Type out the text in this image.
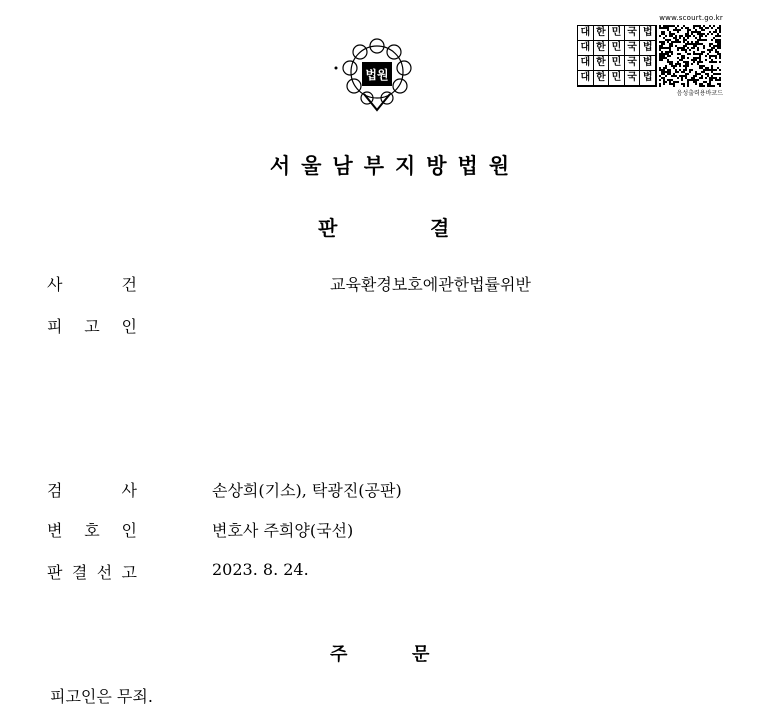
법원
www.scourt.go.kr
대 한 민 국 법
대 한 민 국 법
대 한 민 국 법
대 한 민 국 법
음성출력용바코드
서울남부지방법원
판	결
사	건	교육환경보호에관한법률위반
피 고 인
검	사	손상희(기소), 탁광진(공판)
변 호 인	변호사 주희양(국선)
판 결 선 고	2023. 8. 24.
주	문
피고인은 무죄.
